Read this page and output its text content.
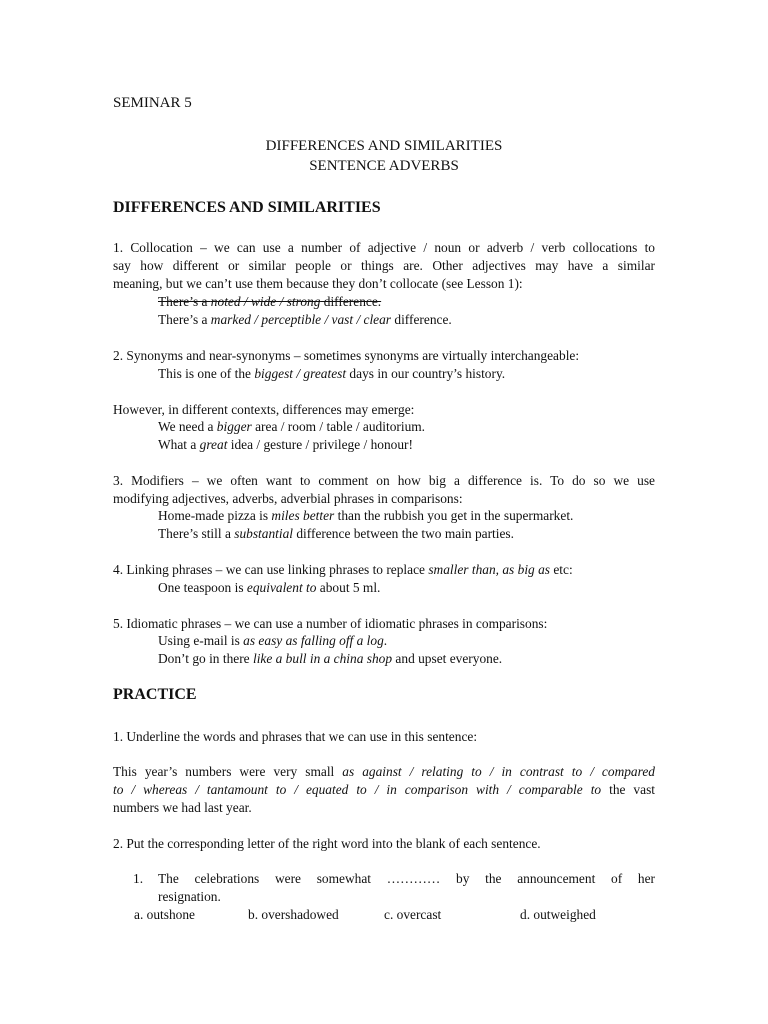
SEMINAR 5
DIFFERENCES AND SIMILARITIES
SENTENCE ADVERBS
DIFFERENCES AND SIMILARITIES
1. Collocation – we can use a number of adjective / noun or adverb / verb collocations to
say how different or similar people or things are. Other adjectives may have a similar
meaning, but we can’t use them because they don’t collocate (see Lesson 1):
There’s a noted / wide / strong difference.
There’s a marked / perceptible / vast / clear difference.
2. Synonyms and near-synonyms – sometimes synonyms are virtually interchangeable:
This is one of the biggest / greatest days in our country’s history.
However, in different contexts, differences may emerge:
We need a bigger area / room / table / auditorium.
What a great idea / gesture / privilege / honour!
3. Modifiers – we often want to comment on how big a difference is. To do so we use
modifying adjectives, adverbs, adverbial phrases in comparisons:
Home-made pizza is miles better than the rubbish you get in the supermarket.
There’s still a substantial difference between the two main parties.
4. Linking phrases – we can use linking phrases to replace smaller than, as big as etc:
One teaspoon is equivalent to about 5 ml.
5. Idiomatic phrases – we can use a number of idiomatic phrases in comparisons:
Using e-mail is as easy as falling off a log.
Don’t go in there like a bull in a china shop and upset everyone.
PRACTICE
1. Underline the words and phrases that we can use in this sentence:
This year’s numbers were very small as against / relating to / in contrast to / compared
to / whereas / tantamount to / equated to / in comparison with / comparable to the vast
numbers we had last year.
2. Put the corresponding letter of the right word into the blank of each sentence.
1.	The celebrations were somewhat ………… by the announcement of her
resignation.
a. outshone	b. overshadowed	c. overcast	d. outweighed
